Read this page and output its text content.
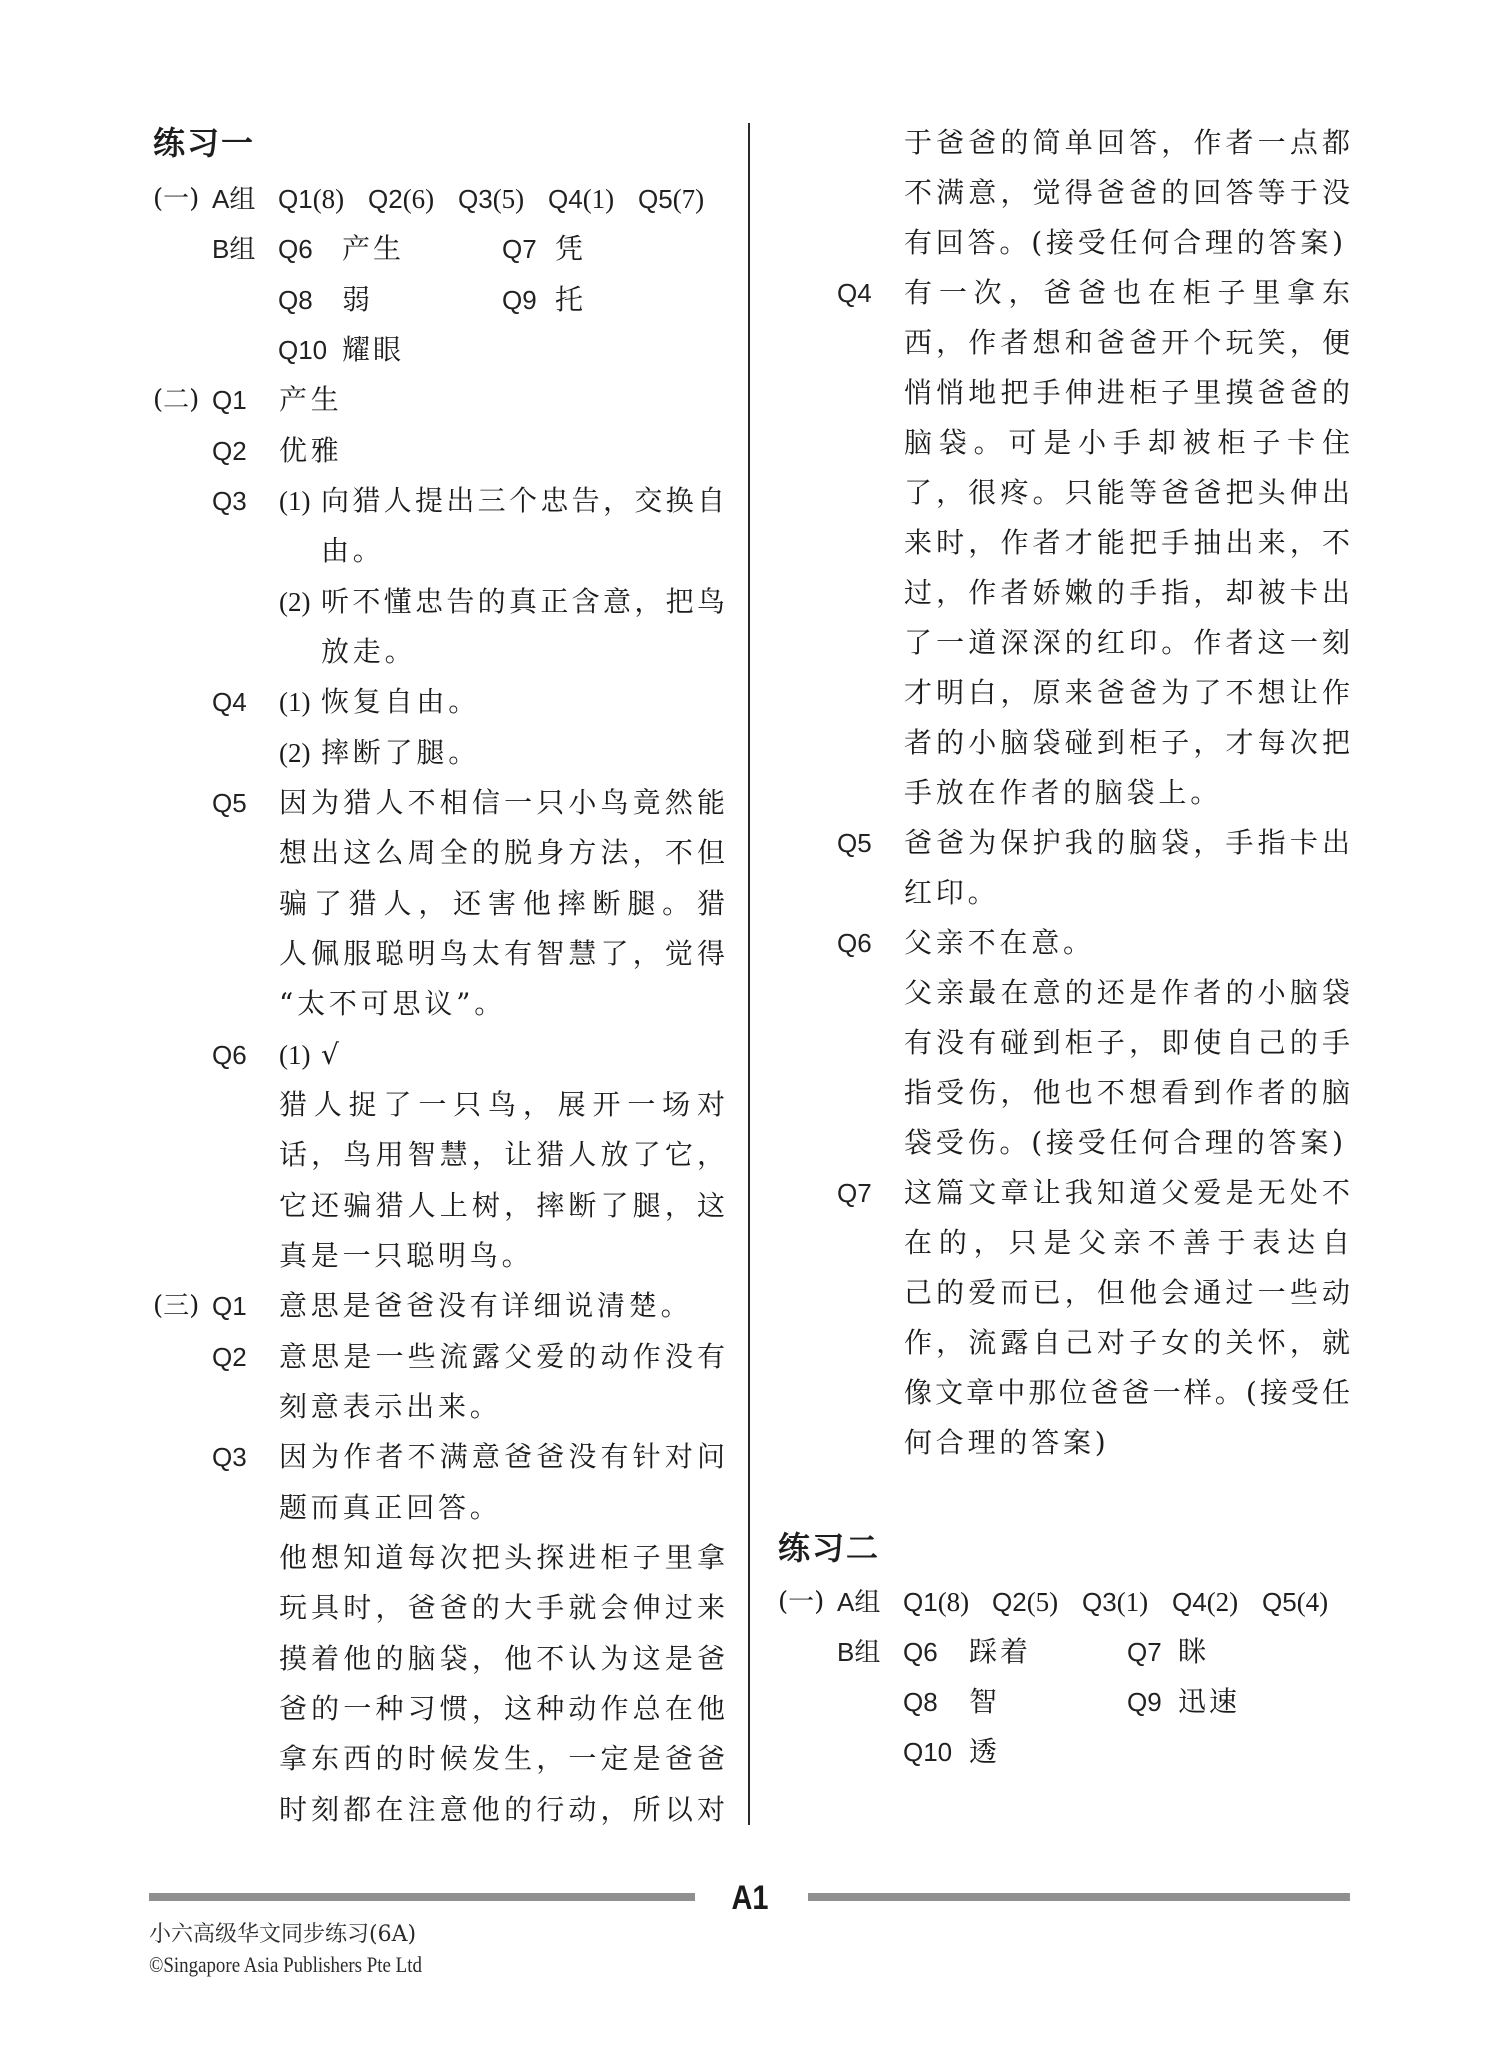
练习一
(一) A组 Q1(8) Q2(6) Q3(5) Q4(1) Q5(7)
B组 Q6 产生	Q7 凭
Q8 弱	Q9 托
Q10 耀眼
(二) Q1 产生
Q2 优雅
Q3 (1) 向猎人提出三个忠告，交换自
由。
(2) 听不懂忠告的真正含意，把鸟
放走。
Q4 (1) 恢复自由。
(2) 摔断了腿。
Q5 因为猎人不相信一只小鸟竟然能
想出这么周全的脱身方法，不但
骗了猎人，还害他摔断腿。猎
人佩服聪明鸟太有智慧了，觉得
“太不可思议”。
Q6 (1) √
猎人捉了一只鸟，展开一场对
话，鸟用智慧，让猎人放了它，
它还骗猎人上树，摔断了腿，这
真是一只聪明鸟。
(三) Q1 意思是爸爸没有详细说清楚。
Q2 意思是一些流露父爱的动作没有
刻意表示出来。
Q3 因为作者不满意爸爸没有针对问
题而真正回答。
他想知道每次把头探进柜子里拿
玩具时，爸爸的大手就会伸过来
摸着他的脑袋，他不认为这是爸
爸的一种习惯，这种动作总在他
拿东西的时候发生，一定是爸爸
时刻都在注意他的行动，所以对
于爸爸的简单回答，作者一点都
不满意，觉得爸爸的回答等于没
有回答。(接受任何合理的答案)
Q4 有一次，爸爸也在柜子里拿东
西，作者想和爸爸开个玩笑，便
悄悄地把手伸进柜子里摸爸爸的
脑袋。可是小手却被柜子卡住
了，很疼。只能等爸爸把头伸出
来时，作者才能把手抽出来，不
过，作者娇嫩的手指，却被卡出
了一道深深的红印。作者这一刻
才明白，原来爸爸为了不想让作
者的小脑袋碰到柜子，才每次把
手放在作者的脑袋上。
Q5 爸爸为保护我的脑袋，手指卡出
红印。
Q6 父亲不在意。
父亲最在意的还是作者的小脑袋
有没有碰到柜子，即使自己的手
指受伤，他也不想看到作者的脑
袋受伤。(接受任何合理的答案)
Q7 这篇文章让我知道父爱是无处不
在的，只是父亲不善于表达自
己的爱而已，但他会通过一些动
作，流露自己对子女的关怀，就
像文章中那位爸爸一样。(接受任
何合理的答案)
练习二
(一) A组 Q1(8) Q2(5) Q3(1) Q4(2) Q5(4)
B组 Q6 踩着	Q7 眯
Q8 智	Q9 迅速
Q10 透
A1
小六高级华文同步练习(6A)
©Singapore Asia Publishers Pte Ltd
